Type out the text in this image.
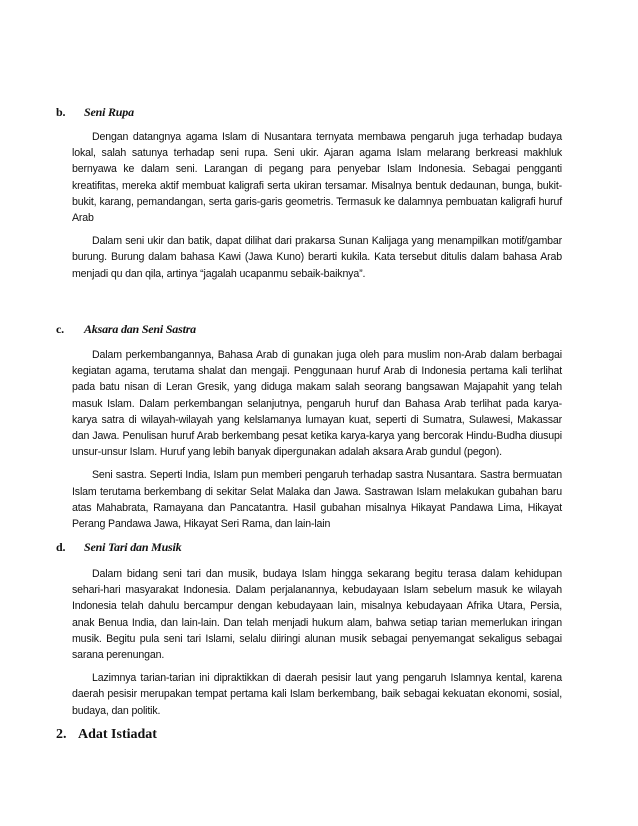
b. Seni Rupa

Dengan datangnya agama Islam di Nusantara ternyata membawa pengaruh juga terhadap budaya lokal, salah satunya terhadap seni rupa. Seni ukir. Ajaran agama Islam melarang berkreasi makhluk bernyawa ke dalam seni. Larangan di pegang para penyebar Islam Indonesia. Sebagai pengganti kreatifitas, mereka aktif membuat kaligrafi serta ukiran tersamar. Misalnya bentuk dedaunan, bunga, bukit-bukit, karang, pemandangan, serta garis-garis geometris. Termasuk ke dalamnya pembuatan kaligrafi huruf Arab

Dalam seni ukir dan batik, dapat dilihat dari prakarsa Sunan Kalijaga yang menampilkan motif/gambar burung. Burung dalam bahasa Kawi (Jawa Kuno) berarti kukila. Kata tersebut ditulis dalam bahasa Arab menjadi qu dan qila, artinya “jagalah ucapanmu sebaik-baiknya”.

c. Aksara dan Seni Sastra

Dalam perkembangannya, Bahasa Arab di gunakan juga oleh para muslim non-Arab dalam berbagai kegiatan agama, terutama shalat dan mengaji. Penggunaan huruf Arab di Indonesia pertama kali terlihat pada batu nisan di Leran Gresik, yang diduga makam salah seorang bangsawan Majapahit yang telah masuk Islam. Dalam perkembangan selanjutnya, pengaruh huruf dan Bahasa Arab terlihat pada karya-karya satra di wilayah-wilayah yang kelslamanya lumayan kuat, seperti di Sumatra, Sulawesi, Makassar dan Jawa. Penulisan huruf Arab berkembang pesat ketika karya-karya yang bercorak Hindu-Budha diusupi unsur-unsur Islam. Huruf yang lebih banyak dipergunakan adalah aksara Arab gundul (pegon).

Seni sastra. Seperti India, Islam pun memberi pengaruh terhadap sastra Nusantara. Sastra bermuatan Islam terutama berkembang di sekitar Selat Malaka dan Jawa. Sastrawan Islam melakukan gubahan baru atas Mahabrata, Ramayana dan Pancatantra. Hasil gubahan misalnya Hikayat Pandawa Lima, Hikayat Perang Pandawa Jawa, Hikayat Seri Rama, dan lain-lain

d. Seni Tari dan Musik

Dalam bidang seni tari dan musik, budaya Islam hingga sekarang begitu terasa dalam kehidupan sehari-hari masyarakat Indonesia. Dalam perjalanannya, kebudayaan Islam sebelum masuk ke wilayah Indonesia telah dahulu bercampur dengan kebudayaan lain, misalnya kebudayaan Afrika Utara, Persia, anak Benua India, dan lain-lain. Dan telah menjadi hukum alam, bahwa setiap tarian memerlukan iringan musik. Begitu pula seni tari Islami, selalu diiringi alunan musik sebagai penyemangat sekaligus sebagai sarana perenungan.

Lazimnya tarian-tarian ini dipraktikkan di daerah pesisir laut yang pengaruh Islamnya kental, karena daerah pesisir merupakan tempat pertama kali Islam berkembang, baik sebagai kekuatan ekonomi, sosial, budaya, dan politik.

2. Adat Istiadat
